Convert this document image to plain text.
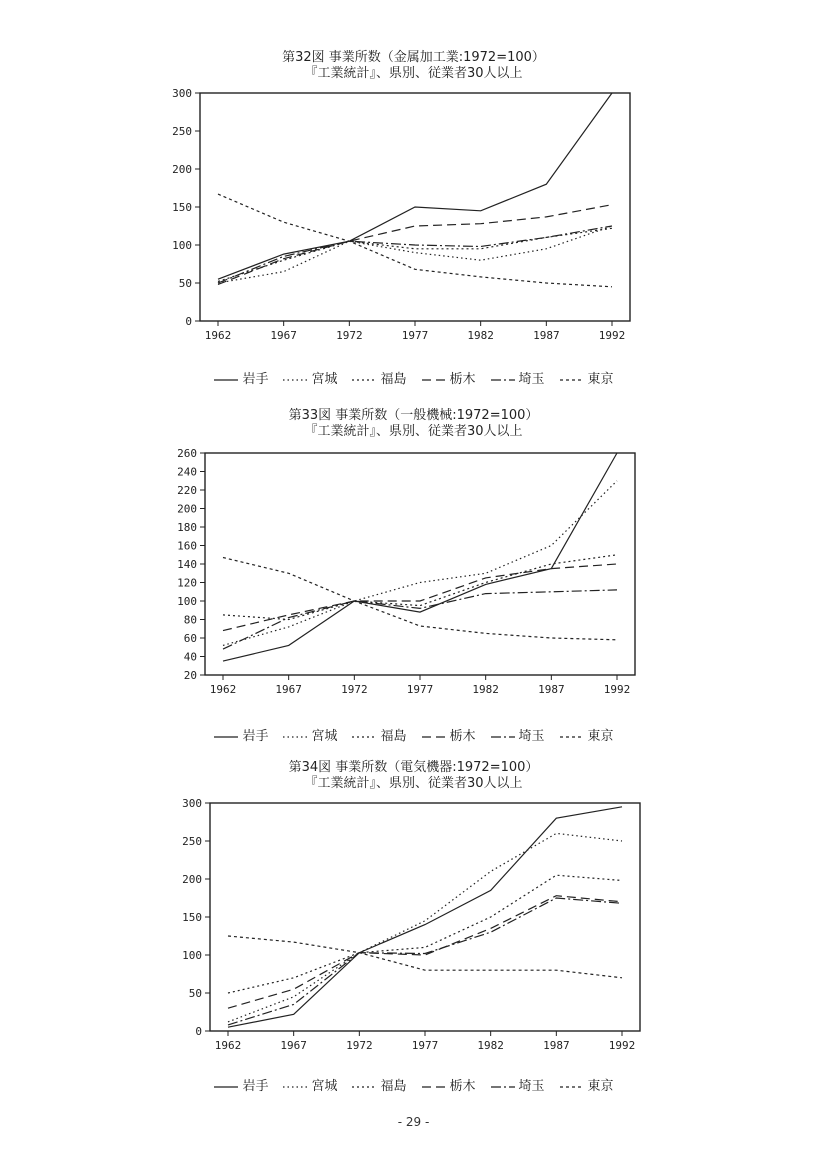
第32図 事業所数（金属加工業:1972=100）
『工業統計』、県別、従業者30人以上
300
250
200
150
100
50
0
1962	1967	1972	1977	1982	1987	1992
岩手	宮城	福島	栃木	埼玉	東京
第33図 事業所数（一般機械:1972=100）
『工業統計』、県別、従業者30人以上
260
240
220
200
180
160
140
120
100
80
60
40
20
1962	1967	1972	1977	1982	1987	1992
岩手	宮城	福島	栃木	埼玉	東京
第34図 事業所数（電気機器:1972=100）
『工業統計』、県別、従業者30人以上
300
250
200
150
100
50
0
1962	1967	1972	1977	1982	1987	1992
岩手	宮城	福島	栃木	埼玉	東京
- 29 -
